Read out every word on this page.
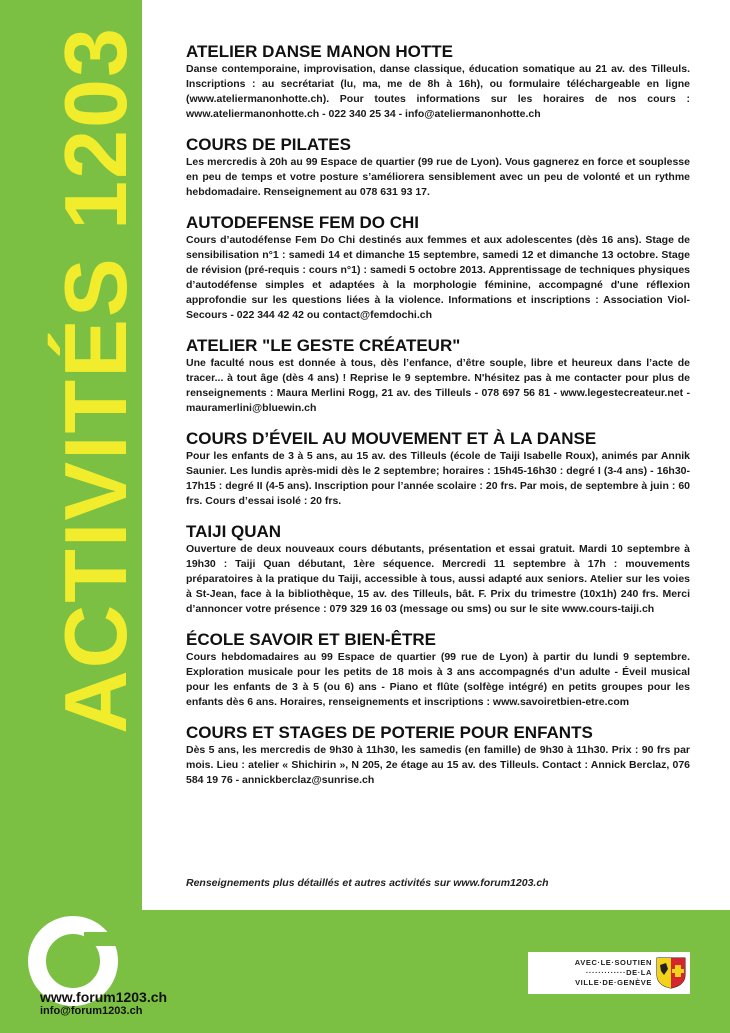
ACTIVITÉS 1203 ATELIER DANSE MANON HOTTE

Danse contemporaine, improvisation, danse classique, éducation somatique au 21 av. des Tilleuls. Inscriptions : au secrétariat (lu, ma, me de 8h à 16h), ou formulaire téléchargeable en ligne (www.ateliermanonhotte.ch). Pour toutes informations sur les horaires de nos cours : www.ateliermanonhotte.ch - 022 340 25 34 - info@ateliermanonhotte.ch

COURS DE PILATES

Les mercredis à 20h au 99 Espace de quartier (99 rue de Lyon). Vous gagnerez en force et souplesse en peu de temps et votre posture s’améliorera sensiblement avec un peu de volonté et un rythme hebdomadaire. Renseignement au 078 631 93 17.

AUTODEFENSE FEM DO CHI

Cours d’autodéfense Fem Do Chi destinés aux femmes et aux adolescentes (dès 16 ans). Stage de sensibilisation n°1 : samedi 14 et dimanche 15 septembre, samedi 12 et dimanche 13 octobre. Stage de révision (pré-requis : cours n°1) : samedi 5 octobre 2013. Apprentissage de techniques physiques d’autodéfense simples et adaptées à la morphologie féminine, accompagné d'une réflexion approfondie sur les questions liées à la violence. Informations et inscriptions : Association Viol-Secours - 022 344 42 42 ou contact@femdochi.ch

ATELIER "LE GESTE CRÉATEUR"

Une faculté nous est donnée à tous, dès l’enfance, d’être souple, libre et heureux dans l’acte de tracer... à tout âge (dès 4 ans) ! Reprise le 9 septembre. N'hésitez pas à me contacter pour plus de renseignements : Maura Merlini Rogg, 21 av. des Tilleuls - 078 697 56 81 - www.legestecreateur.net - mauramerlini@bluewin.ch

COURS D’ÉVEIL AU MOUVEMENT ET À LA DANSE

Pour les enfants de 3 à 5 ans, au 15 av. des Tilleuls (école de Taiji Isabelle Roux), animés par Annik Saunier. Les lundis après-midi dès le 2 septembre; horaires : 15h45-16h30 : degré I (3-4 ans) - 16h30-17h15 : degré II (4-5 ans). Inscription pour l’année scolaire : 20 frs. Par mois, de septembre à juin : 60 frs. Cours d’essai isolé : 20 frs.

TAIJI QUAN

Ouverture de deux nouveaux cours débutants, présentation et essai gratuit. Mardi 10 septembre à 19h30 : Taiji Quan débutant, 1ère séquence. Mercredi 11 septembre à 17h : mouvements préparatoires à la pratique du Taiji, accessible à tous, aussi adapté aux seniors. Atelier sur les voies à St-Jean, face à la bibliothèque, 15 av. des Tilleuls, bât. F. Prix du trimestre (10x1h) 240 frs. Merci d’annoncer votre présence : 079 329 16 03 (message ou sms) ou sur le site www.cours-taiji.ch

ÉCOLE SAVOIR ET BIEN-ÊTRE

Cours hebdomadaires au 99 Espace de quartier (99 rue de Lyon) à partir du lundi 9 septembre. Exploration musicale pour les petits de 18 mois à 3 ans accompagnés d'un adulte - Éveil musical pour les enfants de 3 à 5 (ou 6) ans - Piano et flûte (solfège intégré) en petits groupes pour les enfants dès 6 ans. Horaires, renseignements et inscriptions : www.savoiretbien-etre.com

COURS ET STAGES DE POTERIE POUR ENFANTS

Dès 5 ans, les mercredis de 9h30 à 11h30, les samedis (en famille) de 9h30 à 11h30. Prix : 90 frs par mois. Lieu : atelier « Shichirin », N 205, 2e étage au 15 av. des Tilleuls. Contact : Annick Berclaz, 076 584 19 76 - annickberclaz@sunrise.ch

Renseignements plus détaillés et autres activités sur www.forum1203.ch
www.forum1203.ch
info@forum1203.ch
AVEC·LE·SOUTIEN
·············DE·LA
VILLE·DE·GENÈVE
